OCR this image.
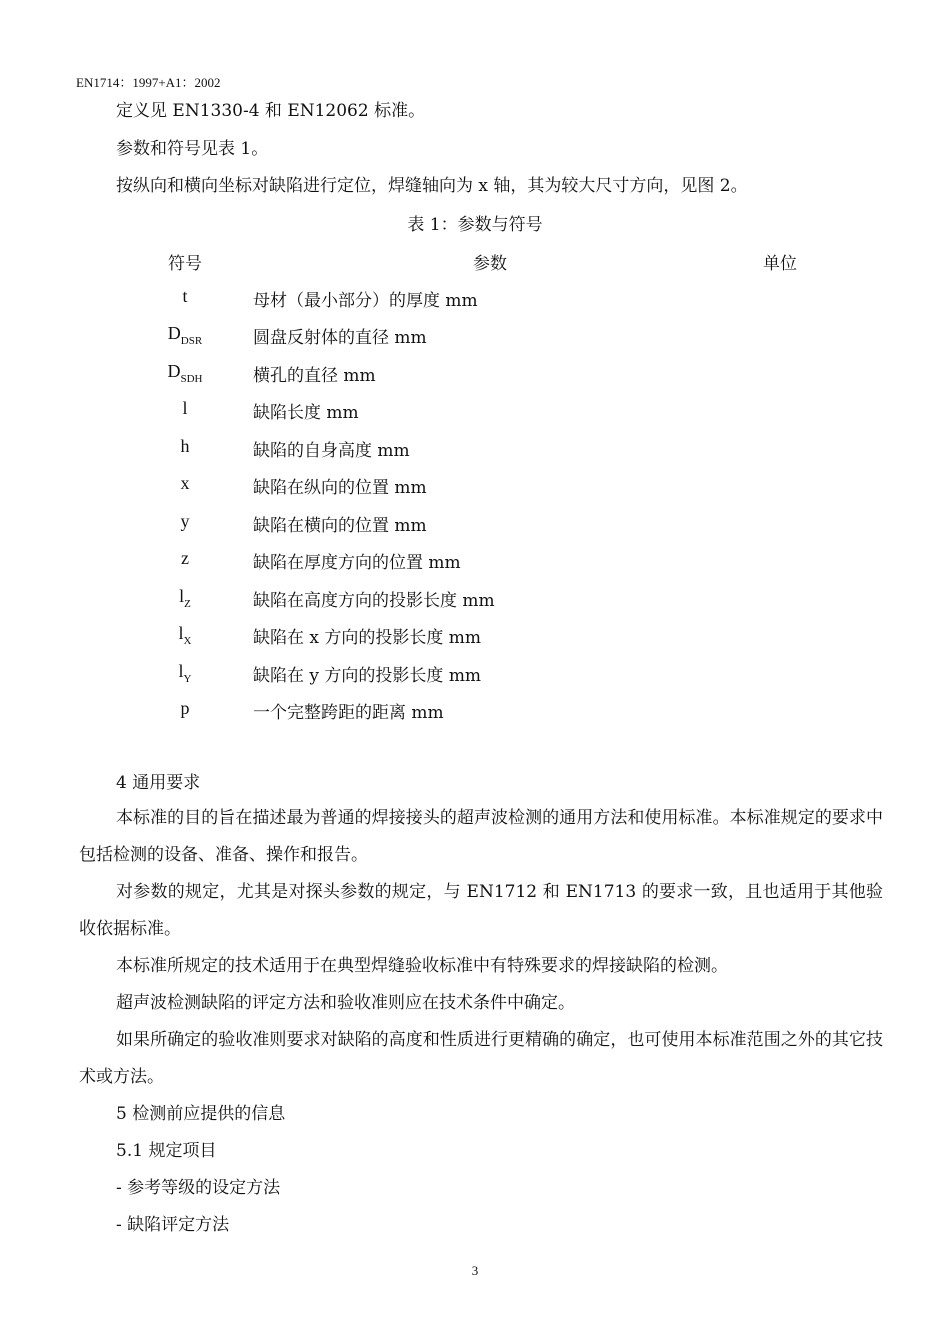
EN1714：1997+A1：2002
定义见 EN1330-4 和 EN12062 标准。
参数和符号见表 1。
按纵向和横向坐标对缺陷进行定位，焊缝轴向为 x 轴，其为较大尺寸方向，见图 2。
表 1：参数与符号
符号	参数	单位
t	母材（最小部分）的厚度 mm
$D_{DSR}$	圆盘反射体的直径 mm
$D_{SDH}$	横孔的直径 mm
l	缺陷长度 mm
h	缺陷的自身高度 mm
x	缺陷在纵向的位置 mm
y	缺陷在横向的位置 mm
z	缺陷在厚度方向的位置 mm
$l_Z$	缺陷在高度方向的投影长度 mm
$l_X$	缺陷在 x 方向的投影长度 mm
$l_Y$	缺陷在 y 方向的投影长度 mm
p	一个完整跨距的距离 mm
4 通用要求
本标准的目的旨在描述最为普通的焊接接头的超声波检测的通用方法和使用标准。本标准规定的要求中包括检测的设备、准备、操作和报告。
对参数的规定，尤其是对探头参数的规定，与 EN1712 和 EN1713 的要求一致，且也适用于其他验收依据标准。
本标准所规定的技术适用于在典型焊缝验收标准中有特殊要求的焊接缺陷的检测。
超声波检测缺陷的评定方法和验收准则应在技术条件中确定。
如果所确定的验收准则要求对缺陷的高度和性质进行更精确的确定，也可使用本标准范围之外的其它技术或方法。
5 检测前应提供的信息
5.1 规定项目
- 参考等级的设定方法
- 缺陷评定方法
3
